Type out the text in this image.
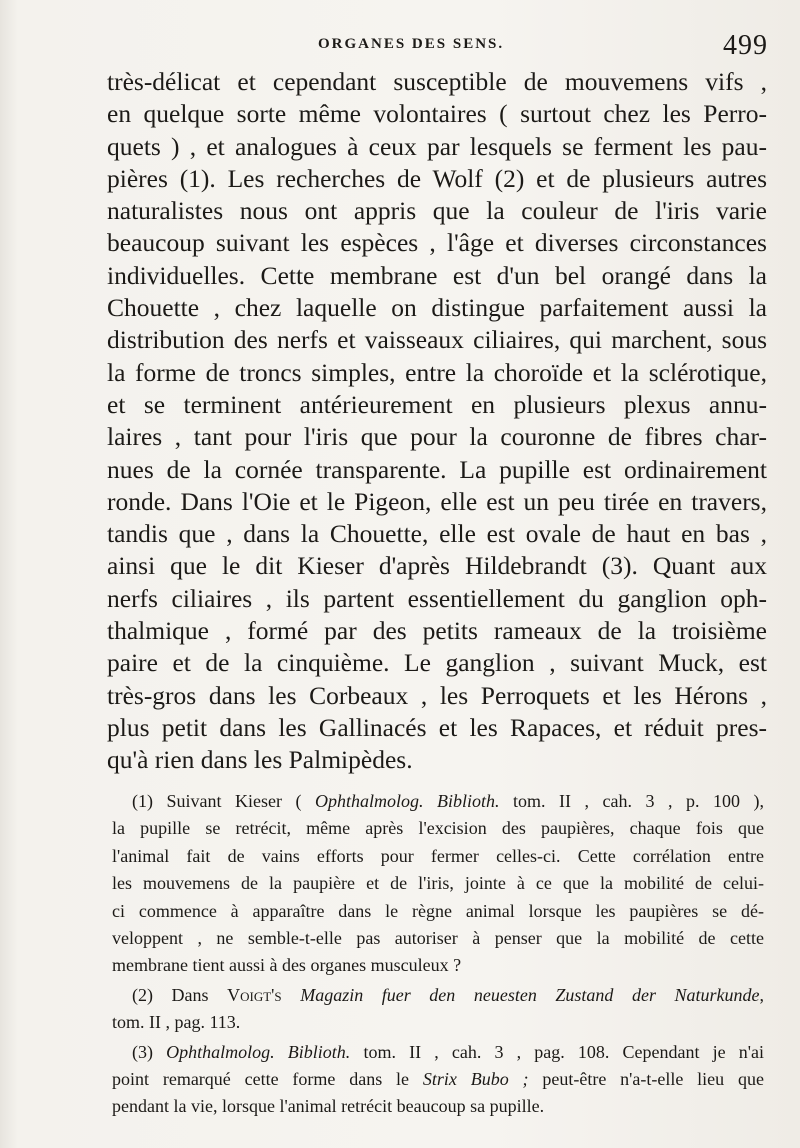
ORGANES DES SENS.	499
très-délicat et cependant susceptible de mouvemens vifs ,
en quelque sorte même volontaires ( surtout chez les Perro-
quets ) , et analogues à ceux par lesquels se ferment les pau-
pières (1). Les recherches de Wolf (2) et de plusieurs autres
naturalistes nous ont appris que la couleur de l'iris varie
beaucoup suivant les espèces , l'âge et diverses circonstances
individuelles. Cette membrane est d'un bel orangé dans la
Chouette , chez laquelle on distingue parfaitement aussi la
distribution des nerfs et vaisseaux ciliaires, qui marchent, sous
la forme de troncs simples, entre la choroïde et la sclérotique,
et se terminent antérieurement en plusieurs plexus annu-
laires , tant pour l'iris que pour la couronne de fibres char-
nues de la cornée transparente. La pupille est ordinairement
ronde. Dans l'Oie et le Pigeon, elle est un peu tirée en travers,
tandis que , dans la Chouette, elle est ovale de haut en bas ,
ainsi que le dit Kieser d'après Hildebrandt (3). Quant aux
nerfs ciliaires , ils partent essentiellement du ganglion oph-
thalmique , formé par des petits rameaux de la troisième
paire et de la cinquième. Le ganglion , suivant Muck, est
très-gros dans les Corbeaux , les Perroquets et les Hérons ,
plus petit dans les Gallinacés et les Rapaces, et réduit pres-
qu'à rien dans les Palmipèdes.
(1) Suivant Kieser ( Ophthalmolog. Biblioth. tom. II , cah. 3 , p. 100 ),
la pupille se retrécit, même après l'excision des paupières, chaque fois que
l'animal fait de vains efforts pour fermer celles-ci. Cette corrélation entre
les mouvemens de la paupière et de l'iris, jointe à ce que la mobilité de celui-
ci commence à apparaître dans le règne animal lorsque les paupières se dé-
veloppent , ne semble-t-elle pas autoriser à penser que la mobilité de cette
membrane tient aussi à des organes musculeux ?
(2) Dans Voigt's Magazin fuer den neuesten Zustand der Naturkunde,
tom. II , pag. 113.
(3) Ophthalmolog. Biblioth. tom. II , cah. 3 , pag. 108. Cependant je n'ai
point remarqué cette forme dans le Strix Bubo ; peut-être n'a-t-elle lieu que
pendant la vie, lorsque l'animal retrécit beaucoup sa pupille.
